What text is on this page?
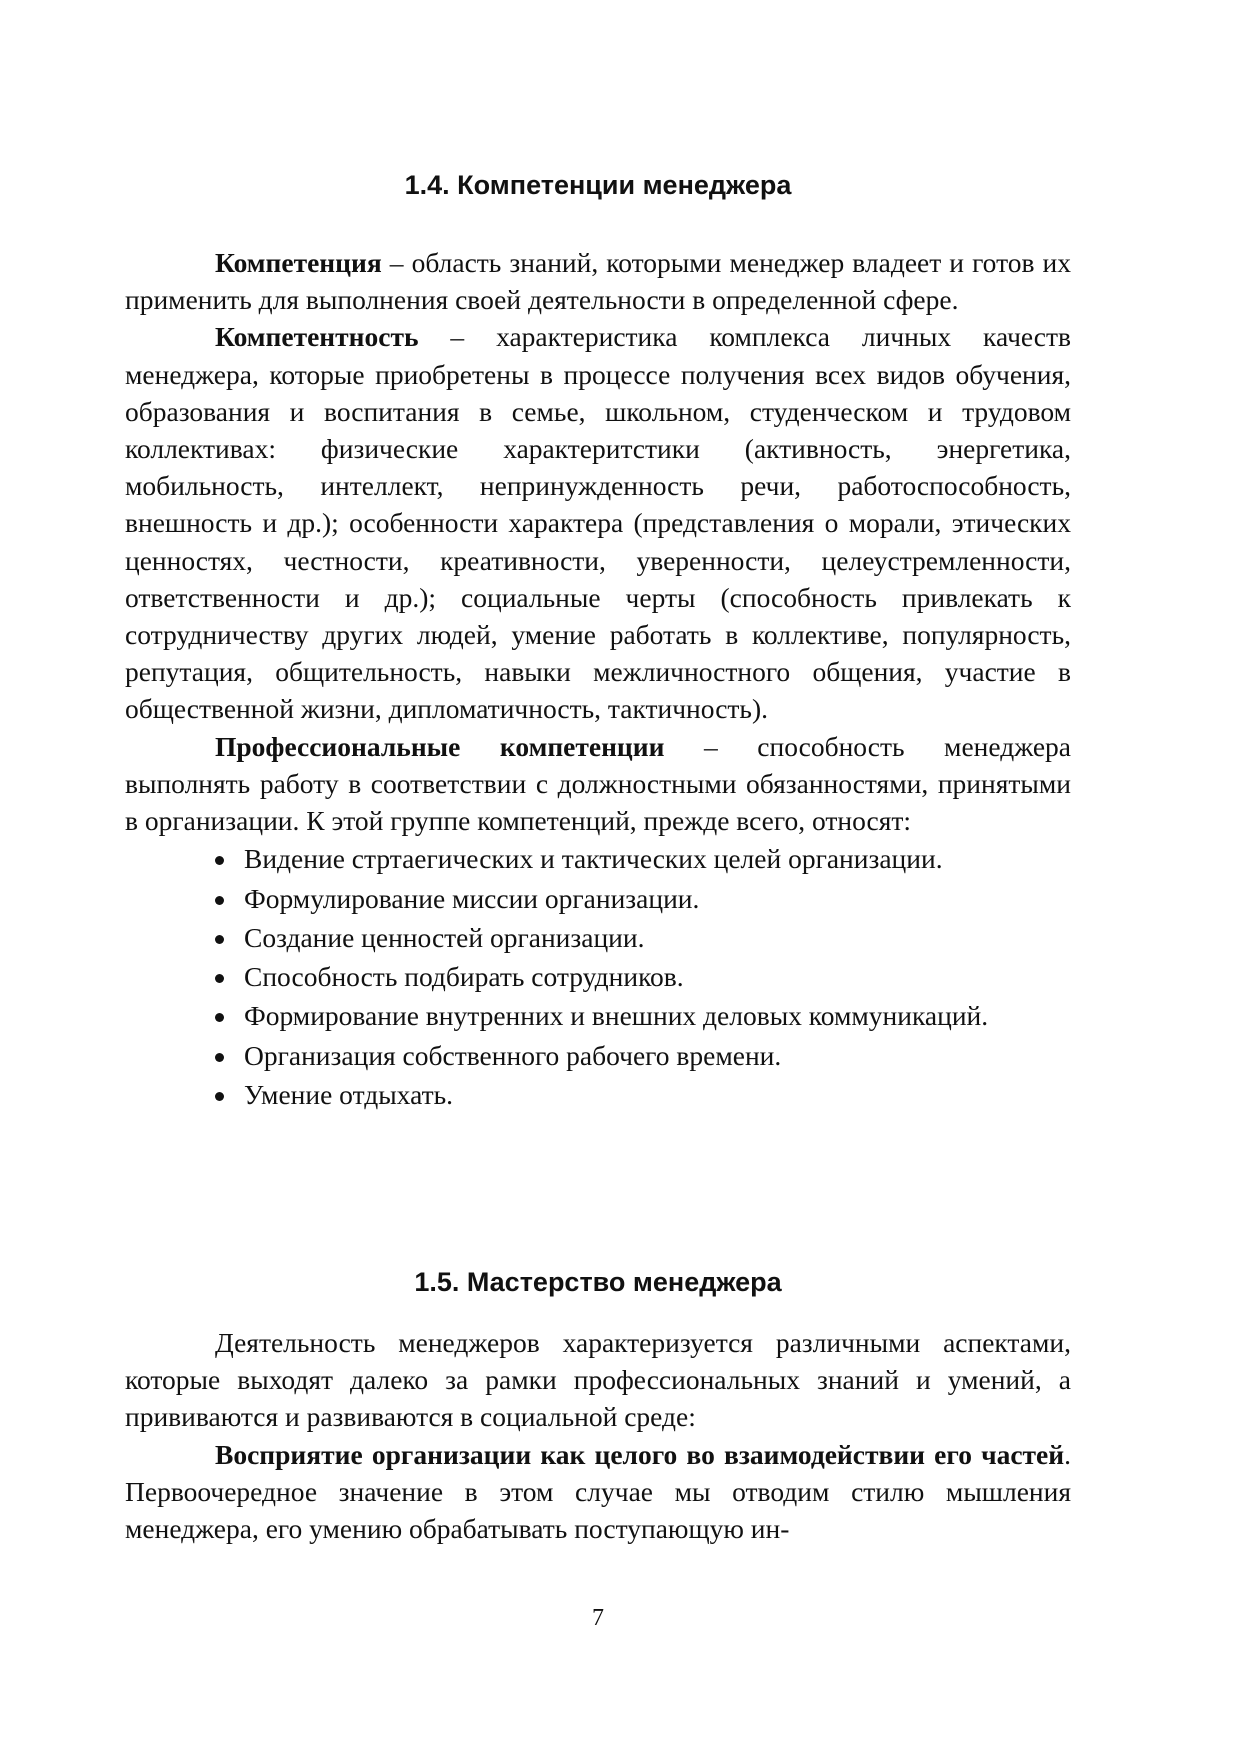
1.4. Компетенции менеджера

Компетенция – область знаний, которыми менеджер владеет и готов их применить для выполнения своей деятельности в определенной сфере.

Компетентность – характеристика комплекса личных качеств менеджера, которые приобретены в процессе получения всех видов обучения, образования и воспитания в семье, школьном, студенческом и трудовом коллективах: физические характеритстики (активность, энергетика, мобильность, интеллект, непринужденность речи, работоспособность, внешность и др.); особенности характера (представления о морали, этических ценностях, честности, креативности, уверенности, целеустремленности, ответственности и др.); социальные черты (способность привлекать к сотрудничеству других людей, умение работать в коллективе, популярность, репутация, общительность, навыки межличностного общения, участие в общественной жизни, дипломатичность, тактичность).

Профессиональные компетенции – способность менеджера выполнять работу в соответствии с должностными обязанностями, принятыми в организации. К этой группе компетенций, прежде всего, относят:

Видение стртаегических и тактических целей организации.
Формулирование миссии организации.
Создание ценностей организации.
Способность подбирать сотрудников.
Формирование внутренних и внешних деловых коммуникаций.
Организация собственного рабочего времени.
Умение отдыхать.
1.5. Мастерство менеджера

Деятельность менеджеров характеризуется различными аспектами, которые выходят далеко за рамки профессиональных знаний и умений, а прививаются и развиваются в социальной среде:

Восприятие организации как целого во взаимодействии его частей. Первоочередное значение в этом случае мы отводим стилю мышления менеджера, его умению обрабатывать поступающую ин-

7
